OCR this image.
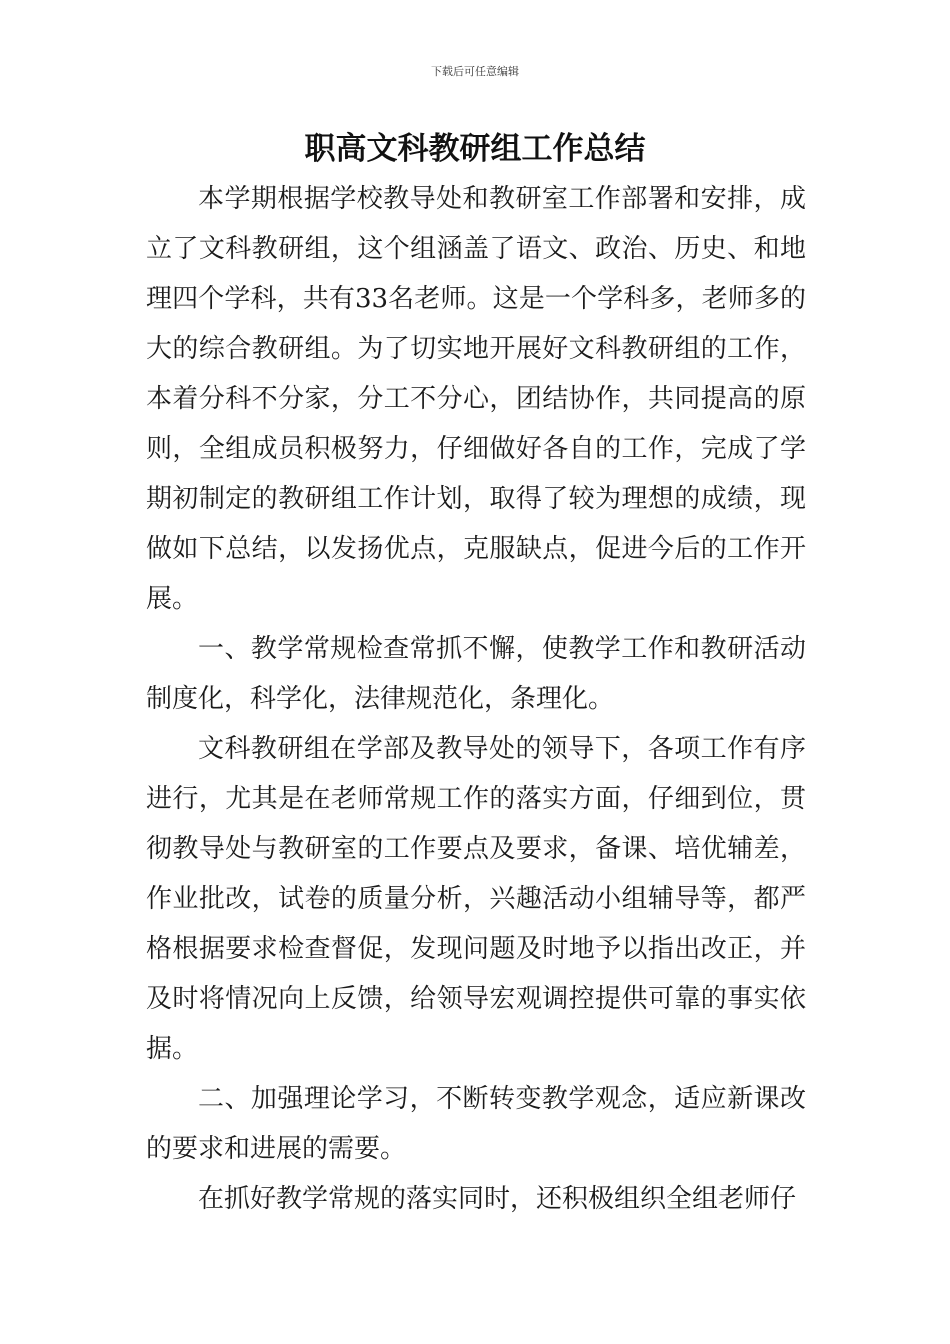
下载后可任意编辑
职高文科教研组工作总结

本学期根据学校教导处和教研室工作部署和安排，成立了文科教研组，这个组涵盖了语文、政治、历史、和地理四个学科，共有33名老师。这是一个学科多，老师多的大的综合教研组。为了切实地开展好文科教研组的工作，本着分科不分家，分工不分心，团结协作，共同提高的原则，全组成员积极努力，仔细做好各自的工作，完成了学期初制定的教研组工作计划，取得了较为理想的成绩，现做如下总结，以发扬优点，克服缺点，促进今后的工作开展。

一、教学常规检查常抓不懈，使教学工作和教研活动制度化，科学化，法律规范化，条理化。

文科教研组在学部及教导处的领导下，各项工作有序进行，尤其是在老师常规工作的落实方面，仔细到位，贯彻教导处与教研室的工作要点及要求，备课、培优辅差，作业批改，试卷的质量分析，兴趣活动小组辅导等，都严格根据要求检查督促，发现问题及时地予以指出改正，并及时将情况向上反馈，给领导宏观调控提供可靠的事实依据。

二、加强理论学习，不断转变教学观念，适应新课改的要求和进展的需要。

在抓好教学常规的落实同时，还积极组织全组老师仔
